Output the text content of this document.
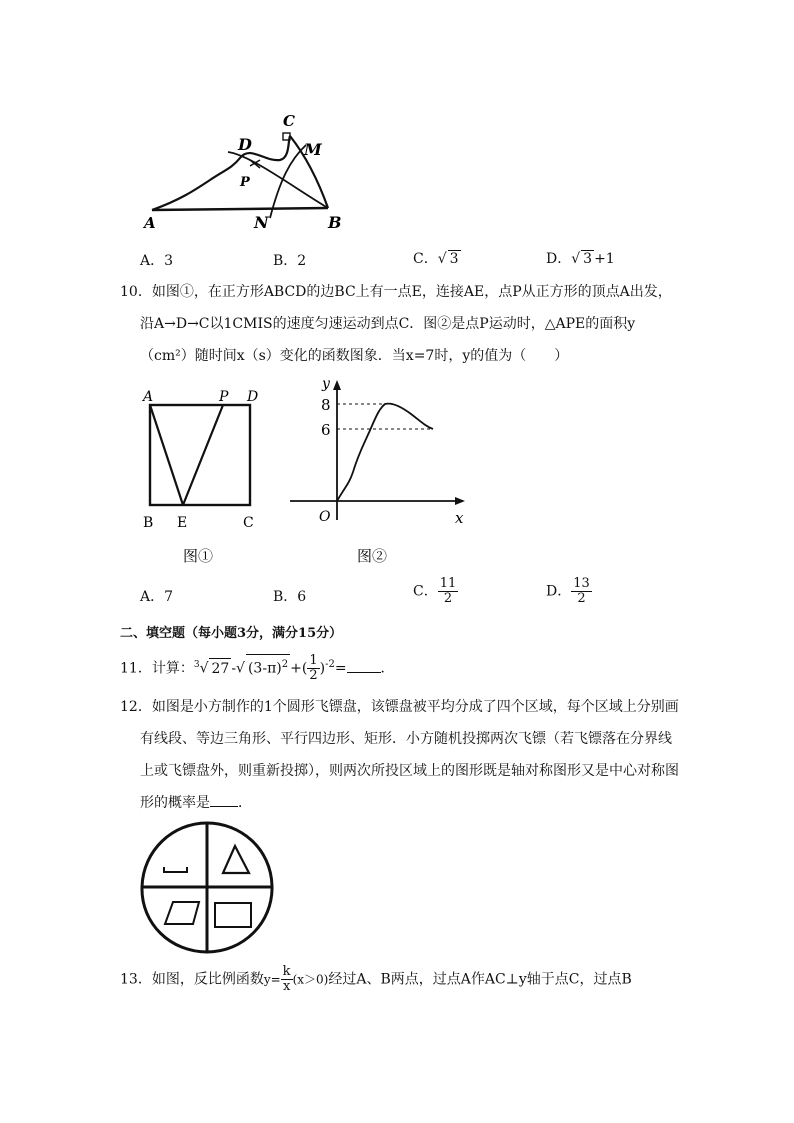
C
D	M
P
A	N	B
A．3	B．2	C．√ 3	D．√ 3 +1
10．如图①，在正方形ABCD的边BC上有一点E，连接AE，点P从正方形的顶点A出发，
沿A→D→C以1CMIS的速度匀速运动到点C．图②是点P运动时，△APE的面积y
（cm²）随时间x（s）变化的函数图象．当x=7时，y的值为（　　）
A	P D
B E	C
图①
y
8
6
O	x
图②
A．7	B．6	C． $\frac{11}{2}$	D． $\frac{13}{2}$
二、填空题（每小题3分，满分15分）
11．计算：$^3$√ 27 -√ $(3-\pi)^2$ +( $\frac{1}{2} )^{-2}=$ ．
12．如图是小方制作的1个圆形飞镖盘，该镖盘被平均分成了四个区域，每个区域上分别画
有线段、等边三角形、平行四边形、矩形．小方随机投掷两次飞镖（若飞镖落在分界线
上或飞镖盘外，则重新投掷），则两次所投区域上的图形既是轴对称图形又是中心对称图
形的概率是 ．
13．如图，反比例函数$y= \frac{k}{x} (x>0)$经过A、B两点，过点A作AC⊥y轴于点C，过点B
